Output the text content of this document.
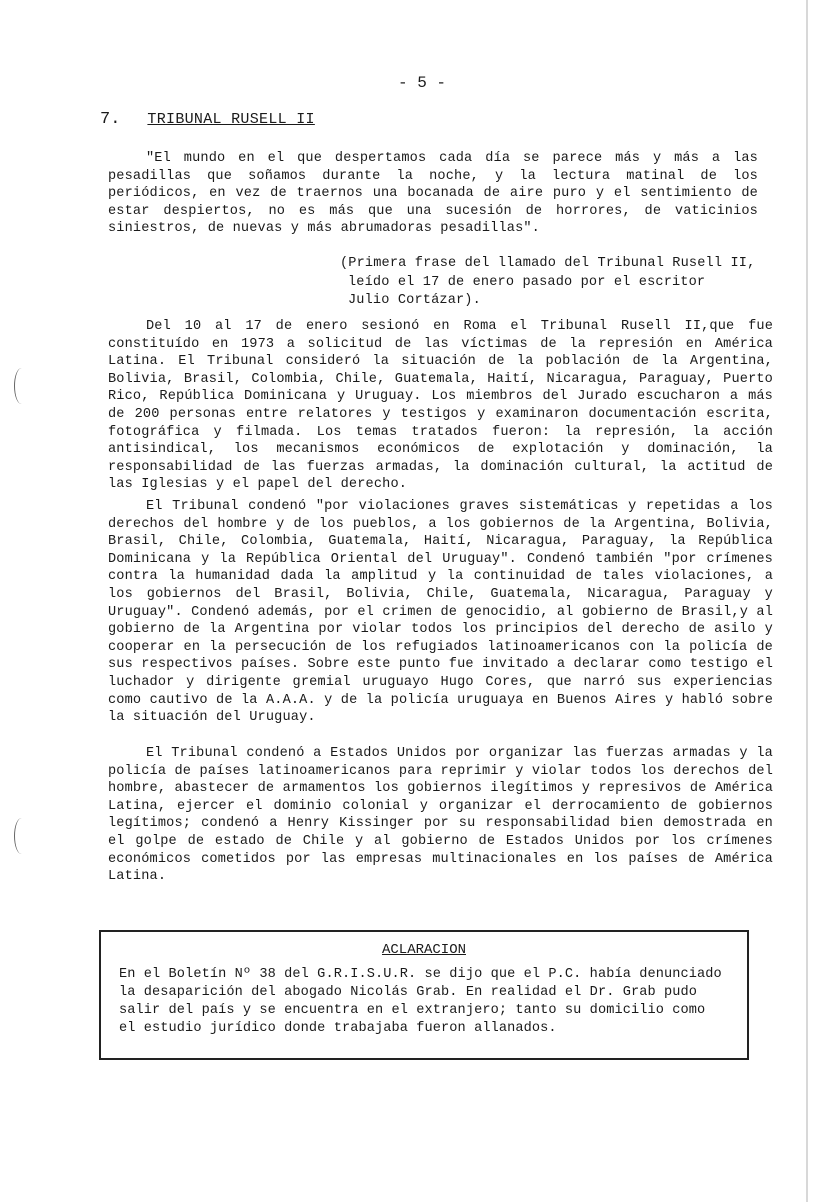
- 5 -
7. TRIBUNAL RUSELL II

"El mundo en el que despertamos cada día se parece más y más a las pesadillas que soñamos durante la noche, y la lectura matinal de los periódicos, en vez de traernos una bocanada de aire puro y el sentimiento de estar despiertos, no es más que una sucesión de horrores, de vaticinios siniestros, de nuevas y más abrumadoras pesadillas".

(Primera frase del llamado del Tribunal Rusell II,

leído el 17 de enero pasado por el escritor

Julio Cortázar).

Del 10 al 17 de enero sesionó en Roma el Tribunal Rusell II,que fue constituído en 1973 a solicitud de las víctimas de la represión en América Latina. El Tribunal consideró la situación de la población de la Argentina, Bolivia, Brasil, Colombia, Chile, Guatemala, Haití, Nicaragua, Paraguay, Puerto Rico, República Dominicana y Uruguay. Los miembros del Jurado escucharon a más de 200 personas entre relatores y testigos y examinaron documentación escrita, fotográfica y filmada. Los temas tratados fueron: la represión, la acción antisindical, los mecanismos económicos de explotación y dominación, la responsabilidad de las fuerzas armadas, la dominación cultural, la actitud de las Iglesias y el papel del derecho.

El Tribunal condenó "por violaciones graves sistemáticas y repetidas a los derechos del hombre y de los pueblos, a los gobiernos de la Argentina, Bolivia, Brasil, Chile, Colombia, Guatemala, Haití, Nicaragua, Paraguay, la República Dominicana y la República Oriental del Uruguay". Condenó también "por crímenes contra la humanidad dada la amplitud y la continuidad de tales violaciones, a los gobiernos del Brasil, Bolivia, Chile, Guatemala, Nicaragua, Paraguay y Uruguay". Condenó además, por el crimen de genocidio, al gobierno de Brasil,y al gobierno de la Argentina por violar todos los principios del derecho de asilo y cooperar en la persecución de los refugiados latinoamericanos con la policía de sus respectivos países. Sobre este punto fue invitado a declarar como testigo el luchador y dirigente gremial uruguayo Hugo Cores, que narró sus experiencias como cautivo de la A.A.A. y de la policía uruguaya en Buenos Aires y habló sobre la situación del Uruguay.

El Tribunal condenó a Estados Unidos por organizar las fuerzas armadas y la policía de países latinoamericanos para reprimir y violar todos los derechos del hombre, abastecer de armamentos los gobiernos ilegítimos y represivos de América Latina, ejercer el dominio colonial y organizar el derrocamiento de gobiernos legítimos; condenó a Henry Kissinger por su responsabilidad bien demostrada en el golpe de estado de Chile y al gobierno de Estados Unidos por los crímenes económicos cometidos por las empresas multinacionales en los países de América Latina.

ACLARACION
En el Boletín Nº 38 del G.R.I.S.U.R. se dijo que el P.C. había denunciado la desaparición del abogado Nicolás Grab. En realidad el Dr. Grab pudo salir del país y se encuentra en el extranjero; tanto su domicilio como el estudio jurídico donde trabajaba fueron allanados.
